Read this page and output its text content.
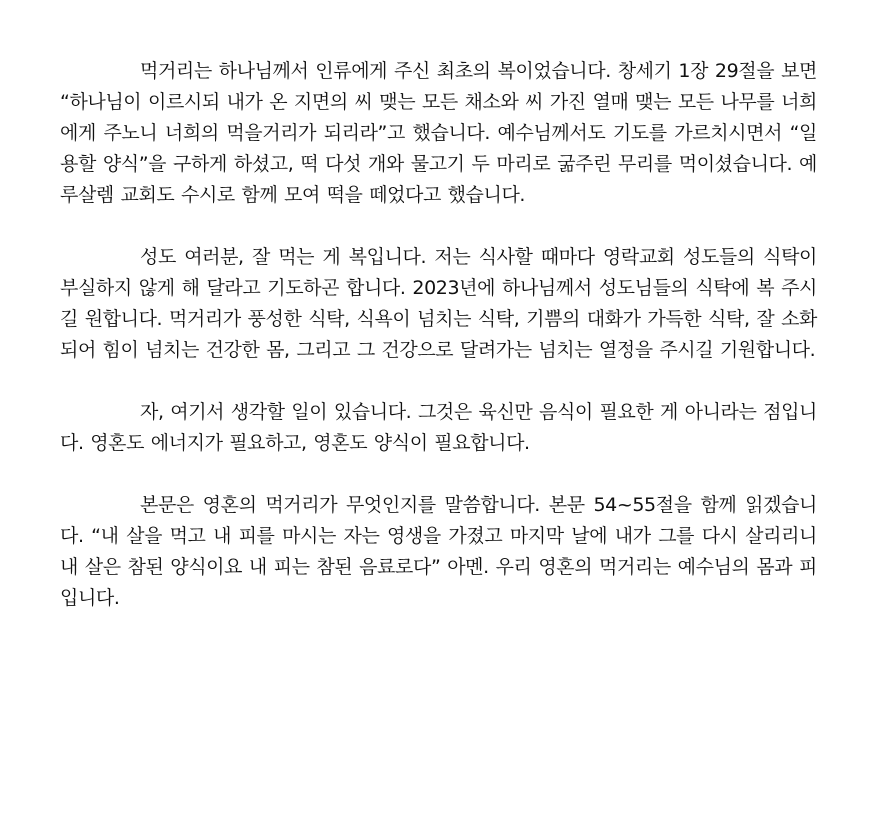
먹거리는 하나님께서 인류에게 주신 최초의 복이었습니다. 창세기 1장 29절을 보면 “하나님이 이르시되 내가 온 지면의 씨 맺는 모든 채소와 씨 가진 열매 맺는 모든 나무를 너희에게 주노니 너희의 먹을거리가 되리라”고 했습니다. 예수님께서도 기도를 가르치시면서 “일용할 양식”을 구하게 하셨고, 떡 다섯 개와 물고기 두 마리로 굶주린 무리를 먹이셨습니다. 예루살렘 교회도 수시로 함께 모여 떡을 떼었다고 했습니다.

성도 여러분, 잘 먹는 게 복입니다. 저는 식사할 때마다 영락교회 성도들의 식탁이 부실하지 않게 해 달라고 기도하곤 합니다. 2023년에 하나님께서 성도님들의 식탁에 복 주시길 원합니다. 먹거리가 풍성한 식탁, 식욕이 넘치는 식탁, 기쁨의 대화가 가득한 식탁, 잘 소화되어 힘이 넘치는 건강한 몸, 그리고 그 건강으로 달려가는 넘치는 열정을 주시길 기원합니다.

자, 여기서 생각할 일이 있습니다. 그것은 육신만 음식이 필요한 게 아니라는 점입니다. 영혼도 에너지가 필요하고, 영혼도 양식이 필요합니다.

본문은 영혼의 먹거리가 무엇인지를 말씀합니다. 본문 54~55절을 함께 읽겠습니다. “내 살을 먹고 내 피를 마시는 자는 영생을 가졌고 마지막 날에 내가 그를 다시 살리리니 내 살은 참된 양식이요 내 피는 참된 음료로다” 아멘. 우리 영혼의 먹거리는 예수님의 몸과 피입니다.
